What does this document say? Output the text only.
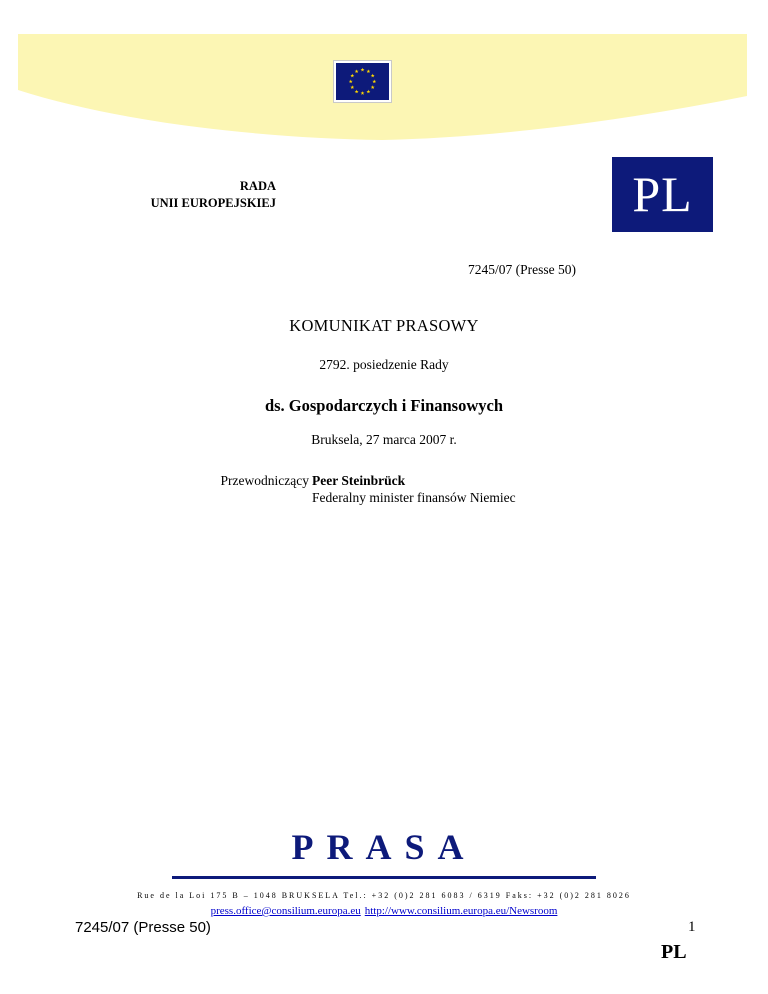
RADA
UNII EUROPEJSKIEJ	PL
7245/07 (Presse 50)
KOMUNIKAT PRASOWY
2792. posiedzenie Rady
ds. Gospodarczych i Finansowych
Bruksela, 27 marca 2007 r.
Przewodniczący Peer Steinbrück
Federalny minister finansów Niemiec
PRASA
Rue de la Loi 175 B – 1048 BRUKSELA Tel.: +32 (0)2 281 6083 / 6319 Faks: +32 (0)2 281 8026
press.office@consilium.europa.eu http://www.consilium.europa.eu/Newsroom
7245/07 (Presse 50)	1
PL
